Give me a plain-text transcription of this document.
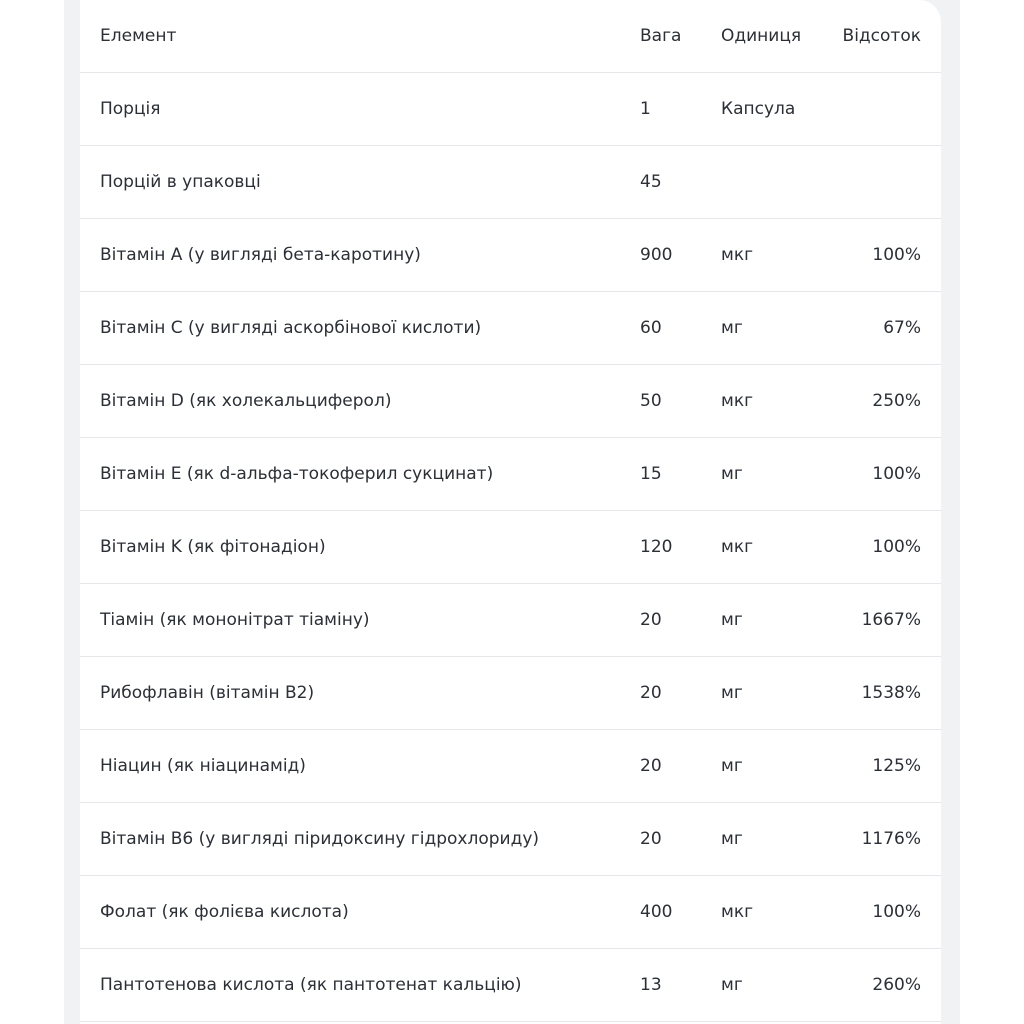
Елемент	Вага	Одиниця	Відсоток
Порція	1	Капсула
Порцій в упаковці	45
Вітамін A (у вигляді бета-каротину)	900	мкг	100%
Вітамін C (у вигляді аскорбінової кислоти)	60	мг	67%
Вітамін D (як холекальциферол)	50	мкг	250%
Вітамін E (як d-альфа-токоферил сукцинат)	15	мг	100%
Вітамін K (як фітонадіон)	120	мкг	100%
Тіамін (як мононітрат тіаміну)	20	мг	1667%
Рибофлавін (вітамін B2)	20	мг	1538%
Ніацин (як ніацинамід)	20	мг	125%
Вітамін B6 (у вигляді піридоксину гідрохлориду)	20	мг	1176%
Фолат (як фолієва кислота)	400	мкг	100%
Пантотенова кислота (як пантотенат кальцію)	13	мг	260%
